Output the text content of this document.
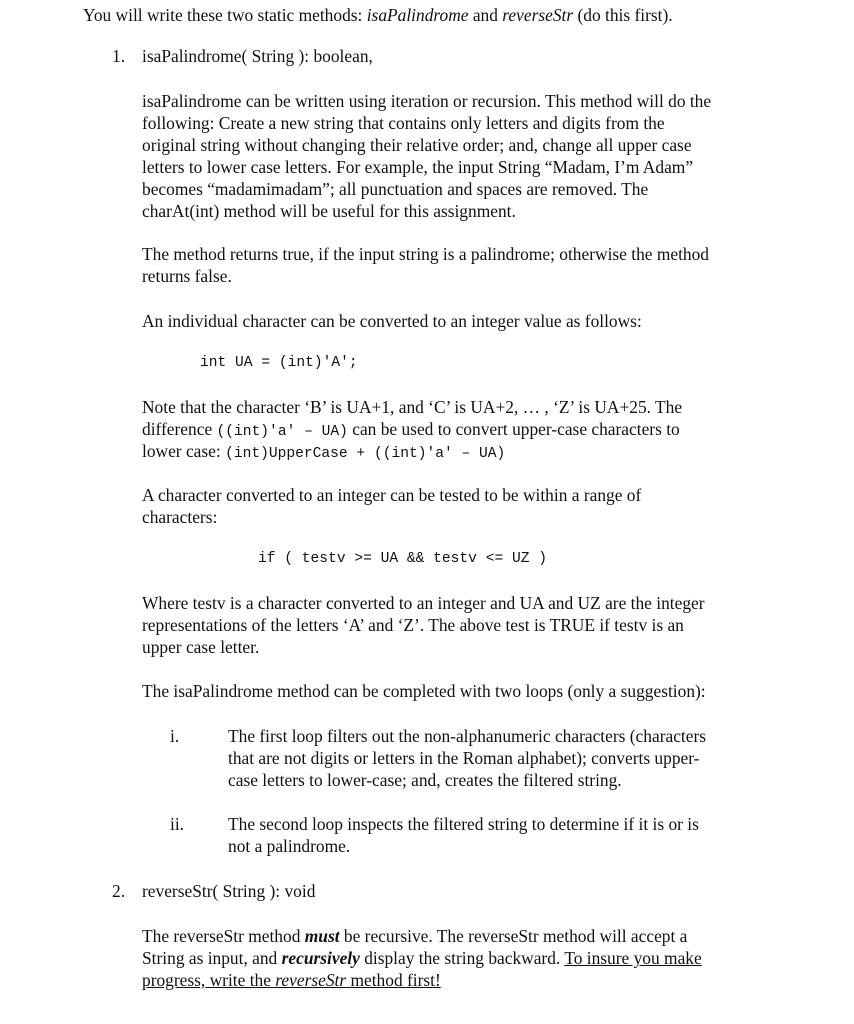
You will write these two static methods: isaPalindrome and reverseStr (do this first).
1. isaPalindrome( String ): boolean,
isaPalindrome can be written using iteration or recursion. This method will do the
following: Create a new string that contains only letters and digits from the
original string without changing their relative order; and, change all upper case
letters to lower case letters. For example, the input String “Madam, I’m Adam”
becomes “madamimadam”; all punctuation and spaces are removed. The
charAt(int) method will be useful for this assignment.
The method returns true, if the input string is a palindrome; otherwise the method
returns false.
An individual character can be converted to an integer value as follows:
int UA = (int)'A';
Note that the character ‘B’ is UA+1, and ‘C’ is UA+2, … , ‘Z’ is UA+25. The
difference ((int)'a' – UA) can be used to convert upper-case characters to
lower case: (int)UpperCase + ((int)'a' – UA)
A character converted to an integer can be tested to be within a range of
characters:
if ( testv >= UA && testv <= UZ )
Where testv is a character converted to an integer and UA and UZ are the integer
representations of the letters ‘A’ and ‘Z’. The above test is TRUE if testv is an
upper case letter.
The isaPalindrome method can be completed with two loops (only a suggestion):
i.	The first loop filters out the non-alphanumeric characters (characters
that are not digits or letters in the Roman alphabet); converts upper-
case letters to lower-case; and, creates the filtered string.
ii.	The second loop inspects the filtered string to determine if it is or is
not a palindrome.
2. reverseStr( String ): void
The reverseStr method must be recursive. The reverseStr method will accept a
String as input, and recursively display the string backward. To insure you make
progress, write the reverseStr method first!
